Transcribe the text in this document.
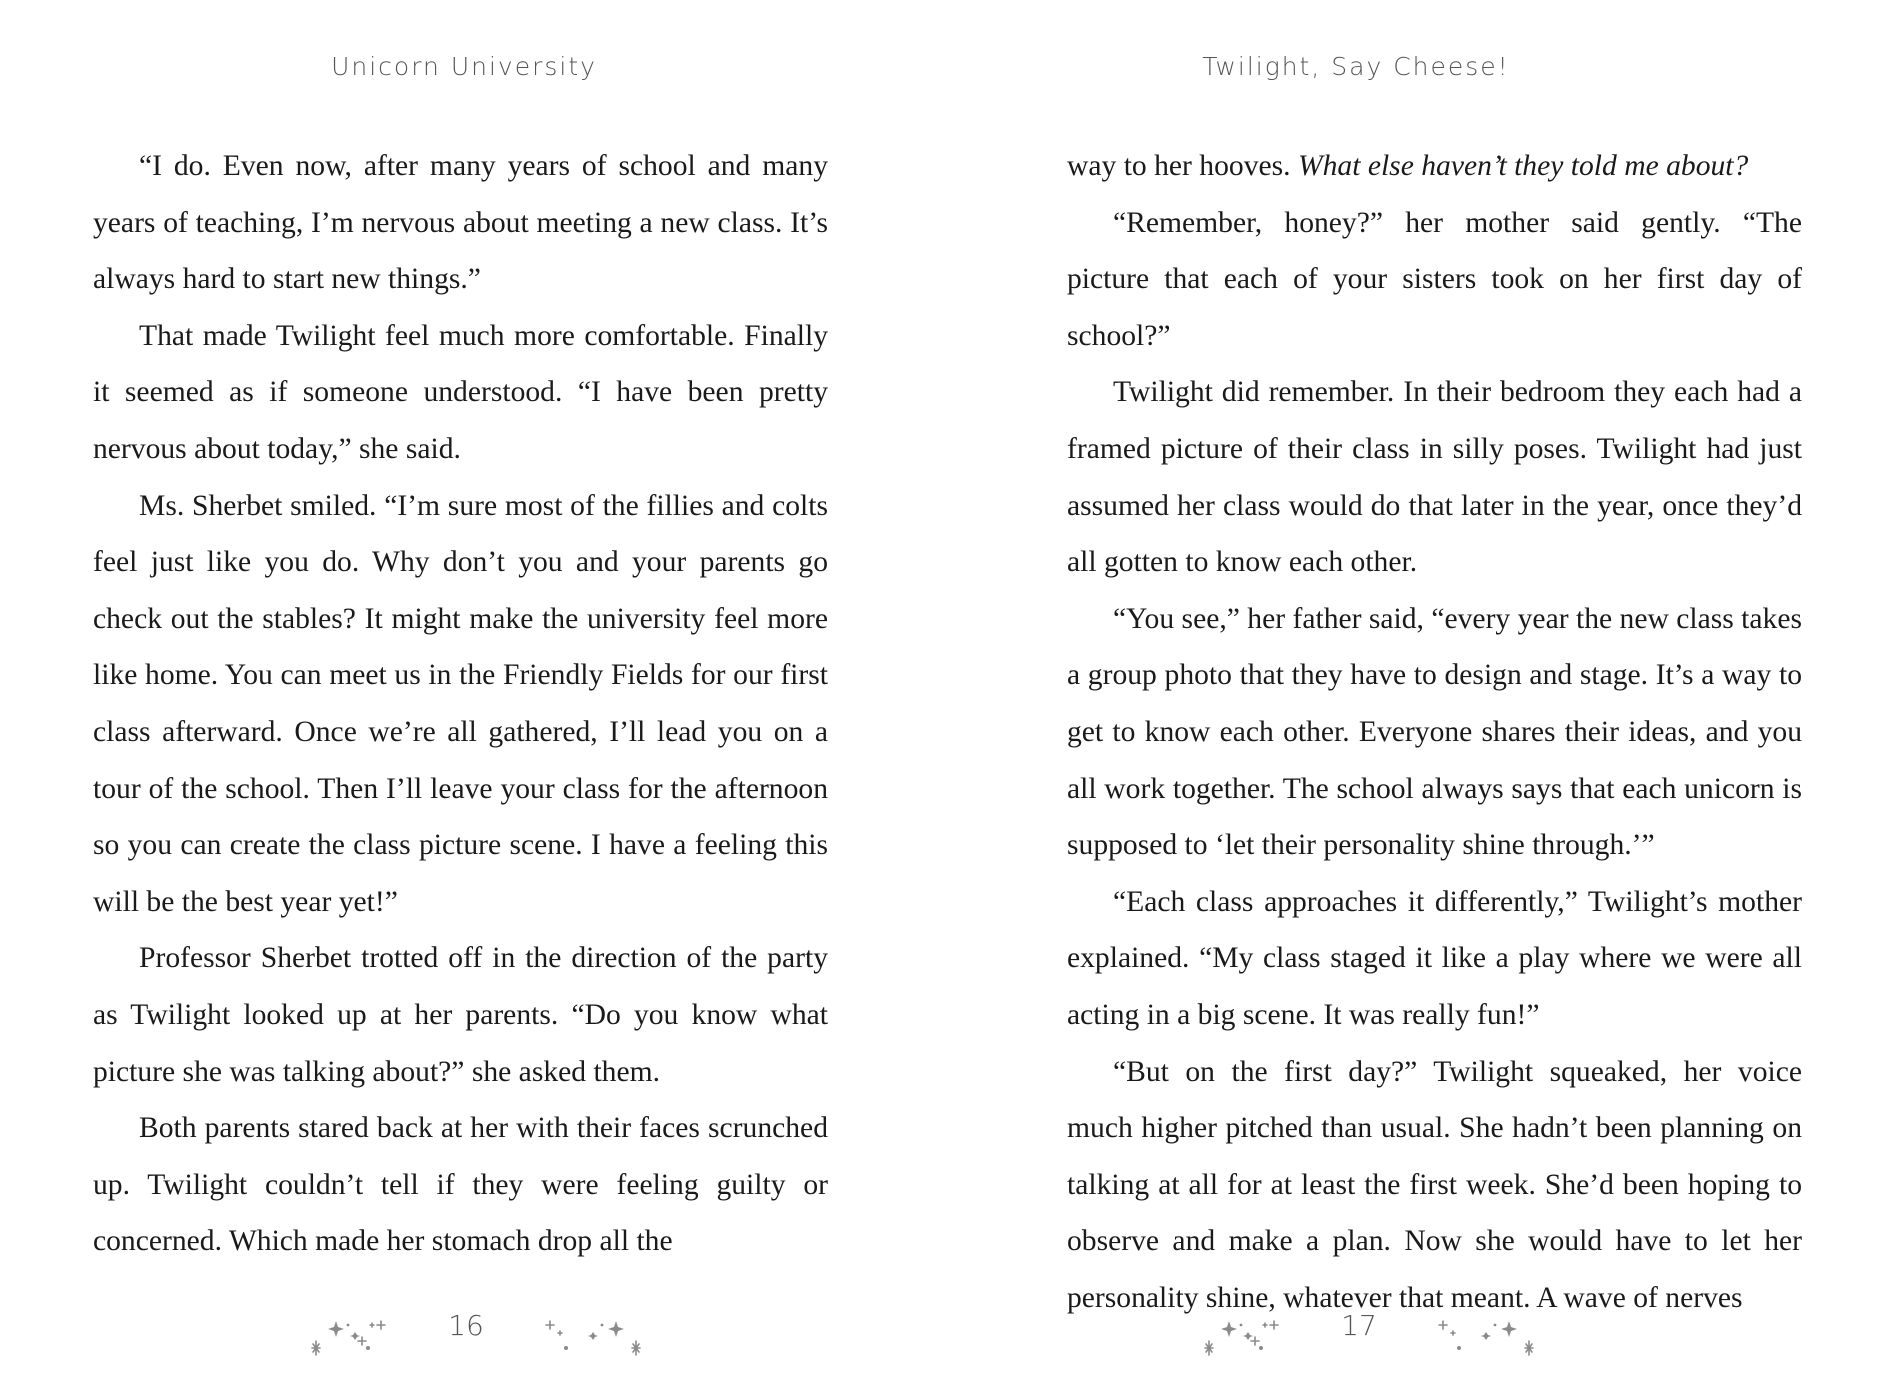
Unicorn University

“I do. Even now, after many years of school and many years of teaching, I’m nervous about meeting a new class. It’s always hard to start new things.”

That made Twilight feel much more comfortable. Finally it seemed as if someone understood. “I have been pretty nervous about today,” she said.

Ms. Sherbet smiled. “I’m sure most of the fillies and colts feel just like you do. Why don’t you and your parents go check out the stables? It might make the university feel more like home. You can meet us in the Friendly Fields for our first class afterward. Once we’re all gathered, I’ll lead you on a tour of the school. Then I’ll leave your class for the afternoon so you can create the class picture scene. I have a feeling this will be the best year yet!”

Professor Sherbet trotted off in the direction of the party as Twilight looked up at her parents. “Do you know what picture she was talking about?” she asked them.

Both parents stared back at her with their faces scrunched up. Twilight couldn’t tell if they were feeling guilty or concerned. Which made her stomach drop all the

16
Twilight, Say Cheese!

way to her hooves. What else haven’t they told me about?

“Remember, honey?” her mother said gently. “The picture that each of your sisters took on her first day of school?”

Twilight did remember. In their bedroom they each had a framed picture of their class in silly poses. Twilight had just assumed her class would do that later in the year, once they’d all gotten to know each other.

“You see,” her father said, “every year the new class takes a group photo that they have to design and stage. It’s a way to get to know each other. Everyone shares their ideas, and you all work together. The school always says that each unicorn is supposed to ‘let their personality shine through.’”

“Each class approaches it differently,” Twilight’s mother explained. “My class staged it like a play where we were all acting in a big scene. It was really fun!”

“But on the first day?” Twilight squeaked, her voice much higher pitched than usual. She hadn’t been planning on talking at all for at least the first week. She’d been hoping to observe and make a plan. Now she would have to let her personality shine, whatever that meant. A wave of nerves

17
